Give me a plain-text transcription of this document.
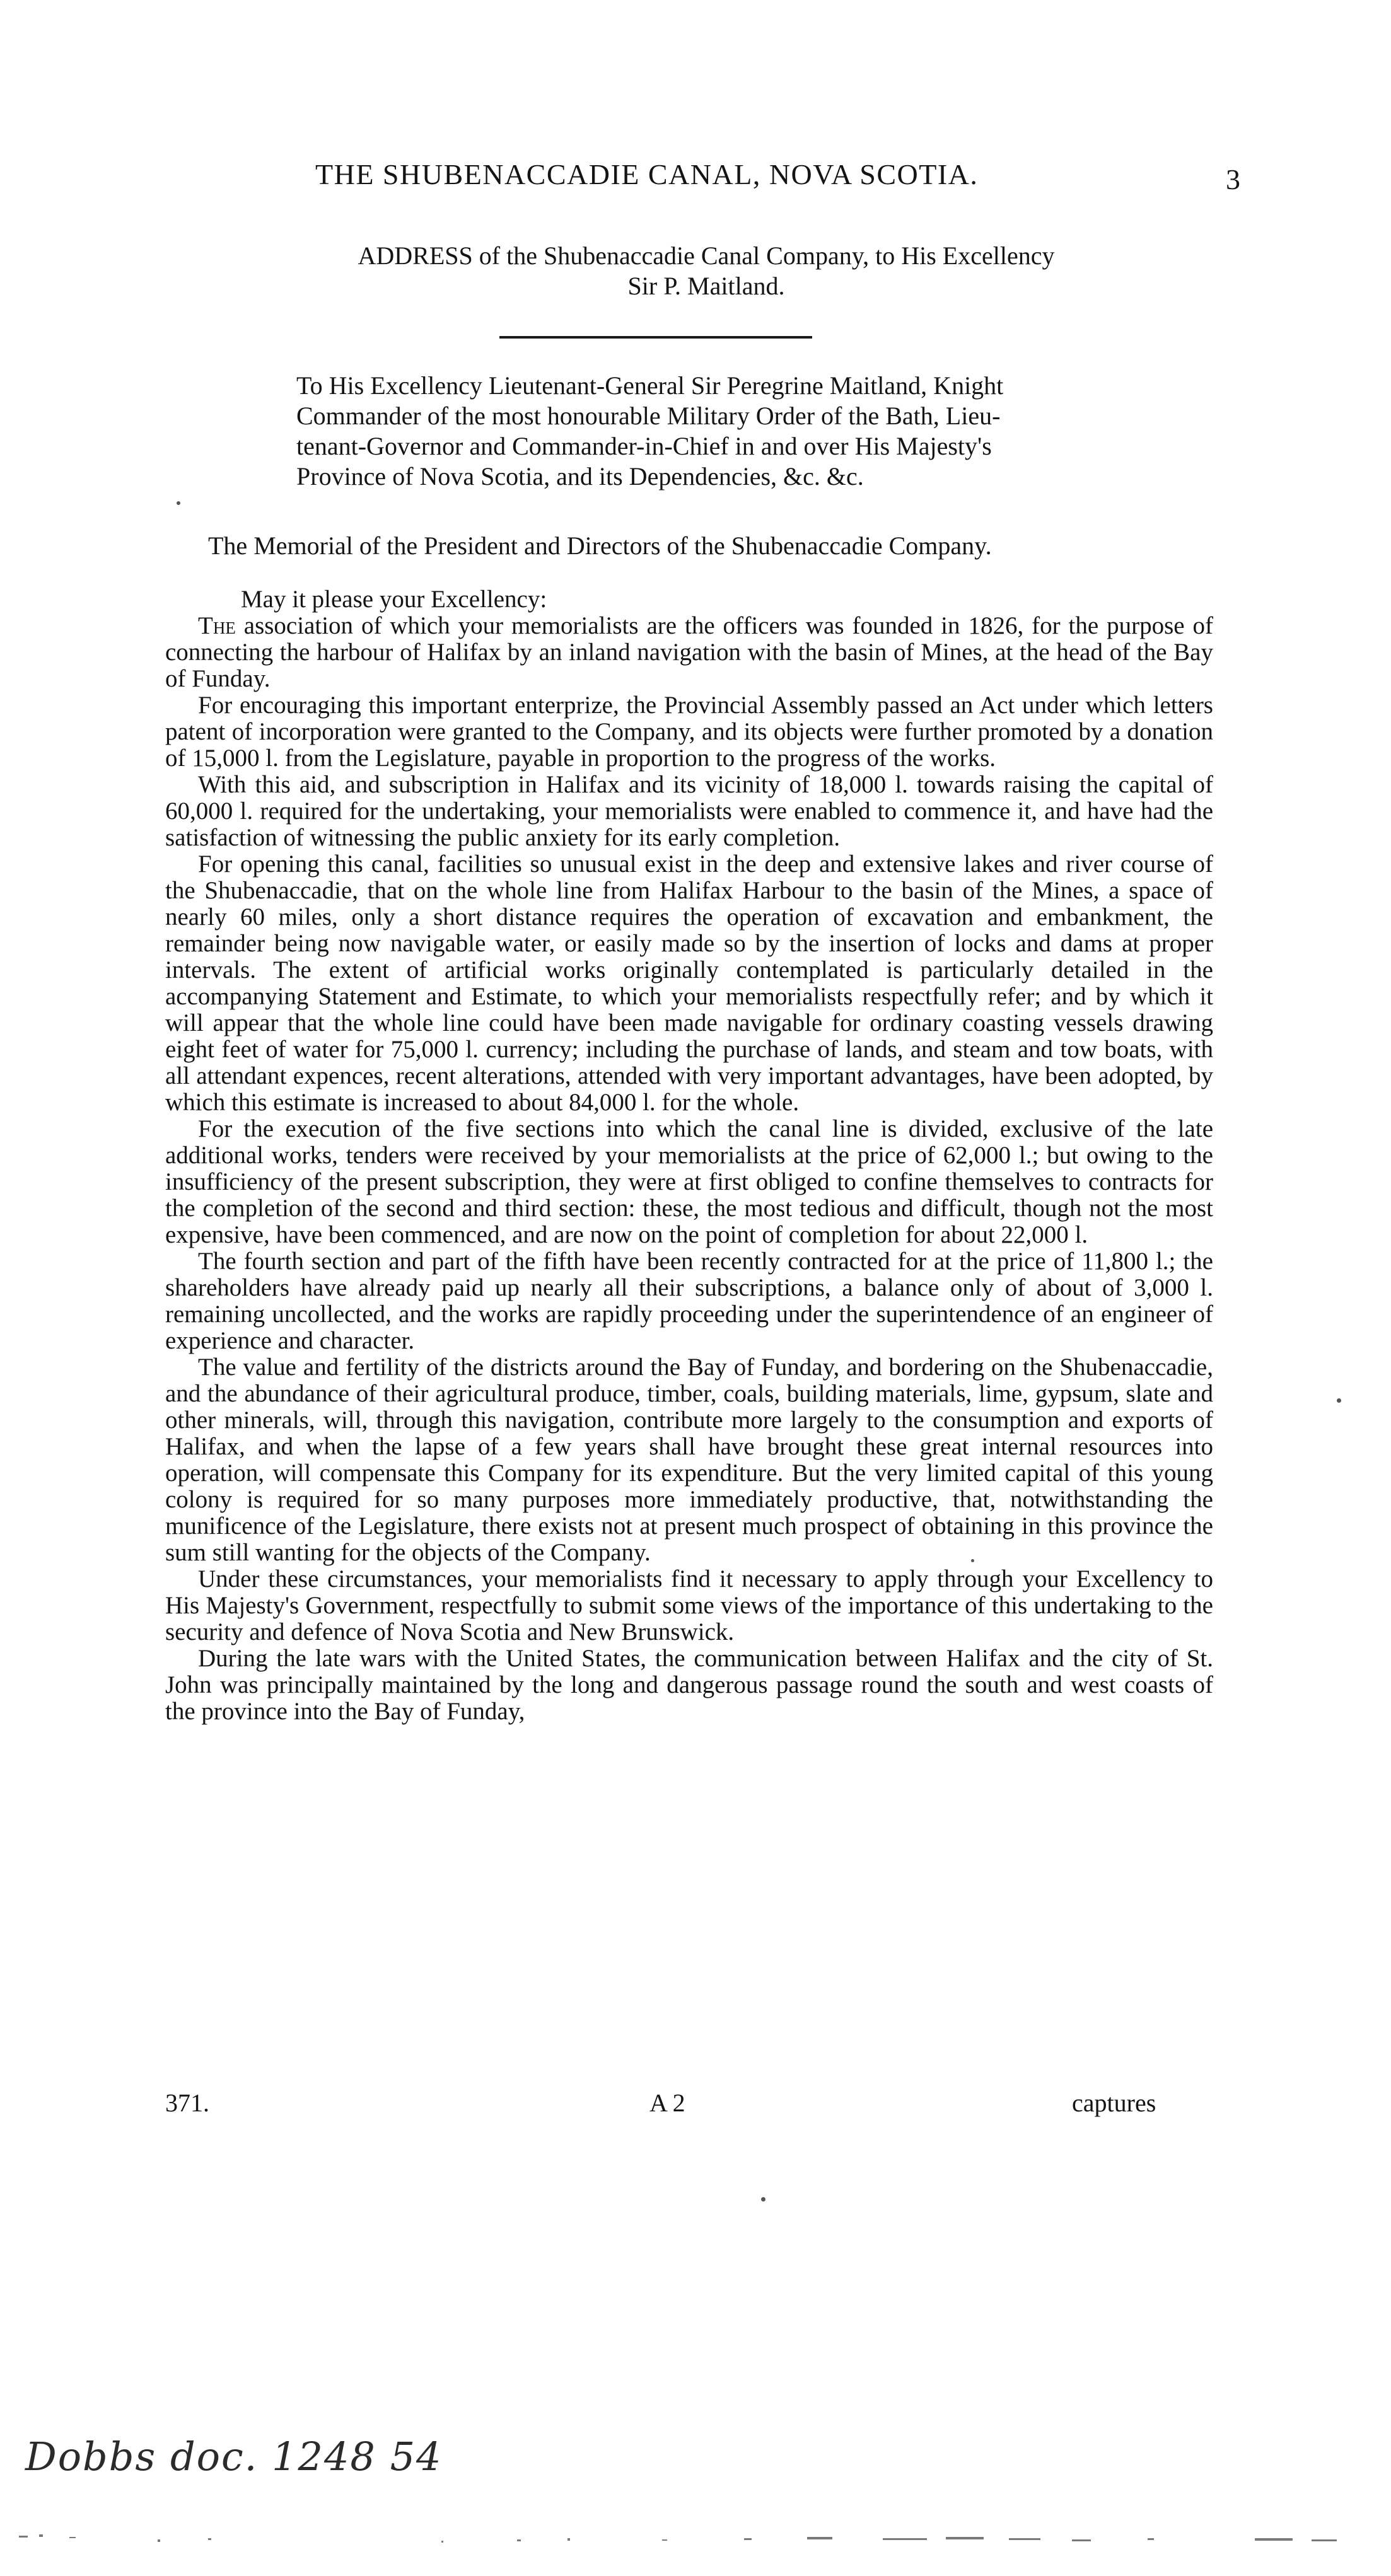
THE SHUBENACCADIE CANAL, NOVA SCOTIA.	3
ADDRESS of the Shubenaccadie Canal Company, to His Excellency
Sir P. Maitland.
To His Excellency Lieutenant-General Sir Peregrine Maitland, Knight
Commander of the most honourable Military Order of the Bath, Lieu-
tenant-Governor and Commander-in-Chief in and over His Majesty's
Province of Nova Scotia, and its Dependencies, &c. &c.
The Memorial of the President and Directors of the Shubenaccadie Company.

May it please your Excellency:

The association of which your memorialists are the officers was founded in 1826, for the purpose of connecting the harbour of Halifax by an inland navigation with the basin of Mines, at the head of the Bay of Funday.

For encouraging this important enterprize, the Provincial Assembly passed an Act under which letters patent of incorporation were granted to the Company, and its objects were further promoted by a donation of 15,000 l. from the Legislature, payable in proportion to the progress of the works.

With this aid, and subscription in Halifax and its vicinity of 18,000 l. towards raising the capital of 60,000 l. required for the undertaking, your memorialists were enabled to commence it, and have had the satisfaction of witnessing the public anxiety for its early completion.

For opening this canal, facilities so unusual exist in the deep and extensive lakes and river course of the Shubenaccadie, that on the whole line from Halifax Harbour to the basin of the Mines, a space of nearly 60 miles, only a short distance requires the operation of excavation and embankment, the remainder being now navigable water, or easily made so by the insertion of locks and dams at proper intervals. The extent of artificial works originally contemplated is particularly detailed in the accompanying Statement and Estimate, to which your memorialists respectfully refer; and by which it will appear that the whole line could have been made navigable for ordinary coasting vessels drawing eight feet of water for 75,000 l. currency; including the purchase of lands, and steam and tow boats, with all attendant expences, recent alterations, attended with very important advantages, have been adopted, by which this estimate is increased to about 84,000 l. for the whole.

For the execution of the five sections into which the canal line is divided, exclusive of the late additional works, tenders were received by your memorialists at the price of 62,000 l.; but owing to the insufficiency of the present subscription, they were at first obliged to confine themselves to contracts for the completion of the second and third section: these, the most tedious and difficult, though not the most expensive, have been commenced, and are now on the point of completion for about 22,000 l.

The fourth section and part of the fifth have been recently contracted for at the price of 11,800 l.; the shareholders have already paid up nearly all their subscriptions, a balance only of about of 3,000 l. remaining uncollected, and the works are rapidly proceeding under the superintendence of an engineer of experience and character.

The value and fertility of the districts around the Bay of Funday, and bordering on the Shubenaccadie, and the abundance of their agricultural produce, timber, coals, building materials, lime, gypsum, slate and other minerals, will, through this navigation, contribute more largely to the consumption and exports of Halifax, and when the lapse of a few years shall have brought these great internal resources into operation, will compensate this Company for its expenditure. But the very limited capital of this young colony is required for so many purposes more immediately productive, that, notwithstanding the munificence of the Legislature, there exists not at present much prospect of obtaining in this province the sum still wanting for the objects of the Company.

Under these circumstances, your memorialists find it necessary to apply through your Excellency to His Majesty's Government, respectfully to submit some views of the importance of this undertaking to the security and defence of Nova Scotia and New Brunswick.

During the late wars with the United States, the communication between Halifax and the city of St. John was principally maintained by the long and dangerous passage round the south and west coasts of the province into the Bay of Funday,

371.	A 2	captures
Dobbs doc. 1248 54
